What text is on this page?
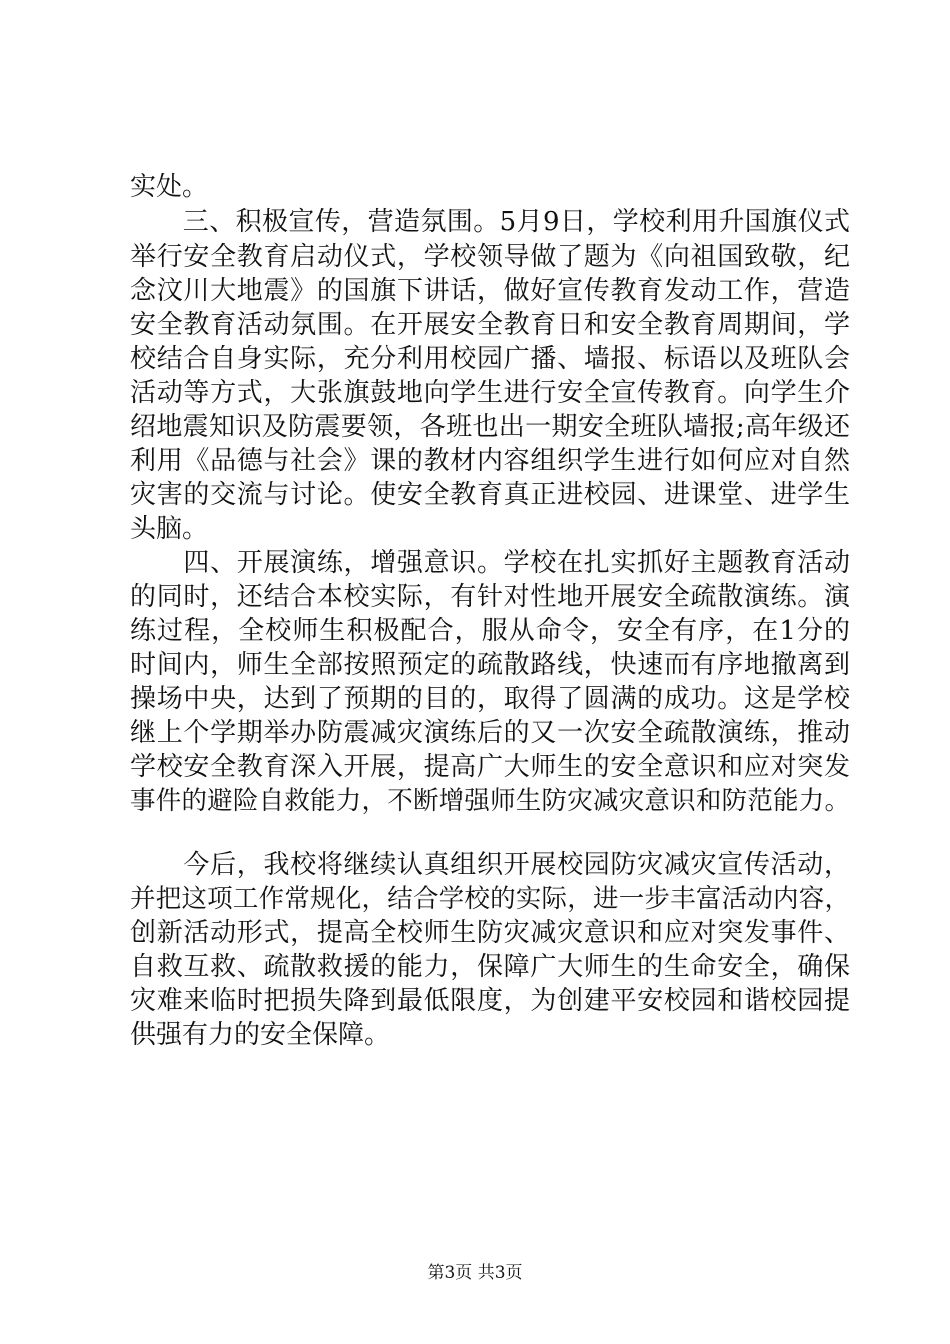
实处。
　　三、积极宣传，营造氛围。5月9日，学校利用升国旗仪式
举行安全教育启动仪式，学校领导做了题为《向祖国致敬，纪
念汶川大地震》的国旗下讲话，做好宣传教育发动工作，营造
安全教育活动氛围。在开展安全教育日和安全教育周期间，学
校结合自身实际，充分利用校园广播、墙报、标语以及班队会
活动等方式，大张旗鼓地向学生进行安全宣传教育。向学生介
绍地震知识及防震要领，各班也出一期安全班队墙报;高年级还
利用《品德与社会》课的教材内容组织学生进行如何应对自然
灾害的交流与讨论。使安全教育真正进校园、进课堂、进学生
头脑。
　　四、开展演练，增强意识。学校在扎实抓好主题教育活动
的同时，还结合本校实际，有针对性地开展安全疏散演练。演
练过程，全校师生积极配合，服从命令，安全有序，在1分的
时间内，师生全部按照预定的疏散路线，快速而有序地撤离到
操场中央，达到了预期的目的，取得了圆满的成功。这是学校
继上个学期举办防震减灾演练后的又一次安全疏散演练，推动
学校安全教育深入开展，提高广大师生的安全意识和应对突发
事件的避险自救能力，不断增强师生防灾减灾意识和防范能力。
　　今后，我校将继续认真组织开展校园防灾减灾宣传活动，
并把这项工作常规化，结合学校的实际，进一步丰富活动内容，
创新活动形式，提高全校师生防灾减灾意识和应对突发事件、
自救互救、疏散救援的能力，保障广大师生的生命安全，确保
灾难来临时把损失降到最低限度，为创建平安校园和谐校园提
供强有力的安全保障。
第3页 共3页
